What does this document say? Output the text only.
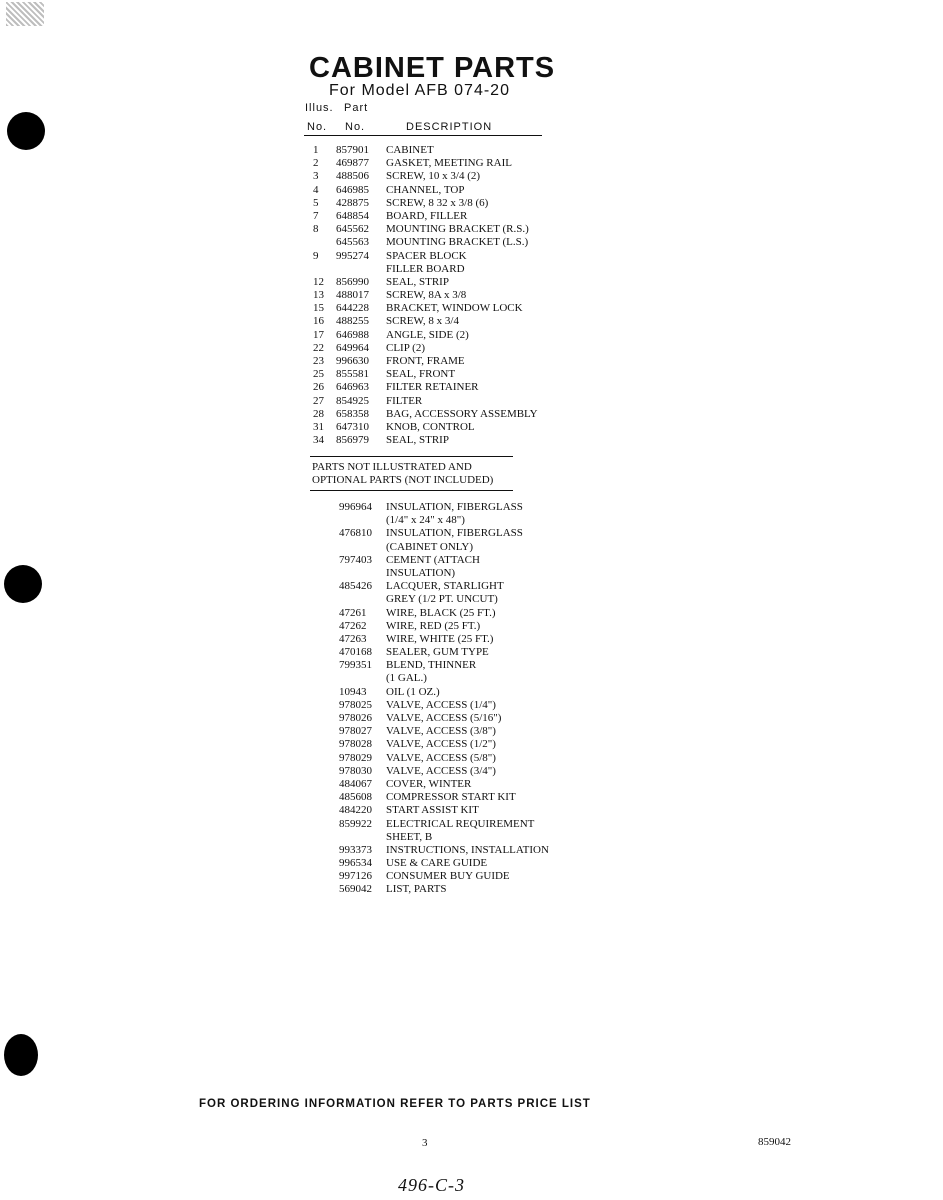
CABINET PARTS
For Model AFB 074-20
Illus. Part
No. No.	DESCRIPTION
1 857901 CABINET
2 469877 GASKET, MEETING RAIL
3 488506 SCREW, 10 x 3/4 (2)
4 646985 CHANNEL, TOP
5 428875 SCREW, 8 32 x 3/8 (6)
7 648854 BOARD, FILLER
8 645562 MOUNTING BRACKET (R.S.)
645563 MOUNTING BRACKET (L.S.)
9 995274 SPACER BLOCK
FILLER BOARD
12 856990 SEAL, STRIP
13 488017 SCREW, 8A x 3/8
15 644228 BRACKET, WINDOW LOCK
16 488255 SCREW, 8 x 3/4
17 646988 ANGLE, SIDE (2)
22 649964 CLIP (2)
23 996630 FRONT, FRAME
25 855581 SEAL, FRONT
26 646963 FILTER RETAINER
27 854925 FILTER
28 658358 BAG, ACCESSORY ASSEMBLY
31 647310 KNOB, CONTROL
34 856979 SEAL, STRIP
PARTS NOT ILLUSTRATED AND
OPTIONAL PARTS (NOT INCLUDED)
996964 INSULATION, FIBERGLASS
(1/4" x 24" x 48")
476810 INSULATION, FIBERGLASS
(CABINET ONLY)
797403 CEMENT (ATTACH
INSULATION)
485426 LACQUER, STARLIGHT
GREY (1/2 PT. UNCUT)
47261 WIRE, BLACK (25 FT.)
47262 WIRE, RED (25 FT.)
47263 WIRE, WHITE (25 FT.)
470168 SEALER, GUM TYPE
799351 BLEND, THINNER
(1 GAL.)
10943 OIL (1 OZ.)
978025 VALVE, ACCESS (1/4")
978026 VALVE, ACCESS (5/16")
978027 VALVE, ACCESS (3/8")
978028 VALVE, ACCESS (1/2")
978029 VALVE, ACCESS (5/8")
978030 VALVE, ACCESS (3/4")
484067 COVER, WINTER
485608 COMPRESSOR START KIT
484220 START ASSIST KIT
859922 ELECTRICAL REQUIREMENT
SHEET, B
993373 INSTRUCTIONS, INSTALLATION
996534 USE & CARE GUIDE
997126 CONSUMER BUY GUIDE
569042 LIST, PARTS
FOR ORDERING INFORMATION REFER TO PARTS PRICE LIST
3	859042
496-C-3
